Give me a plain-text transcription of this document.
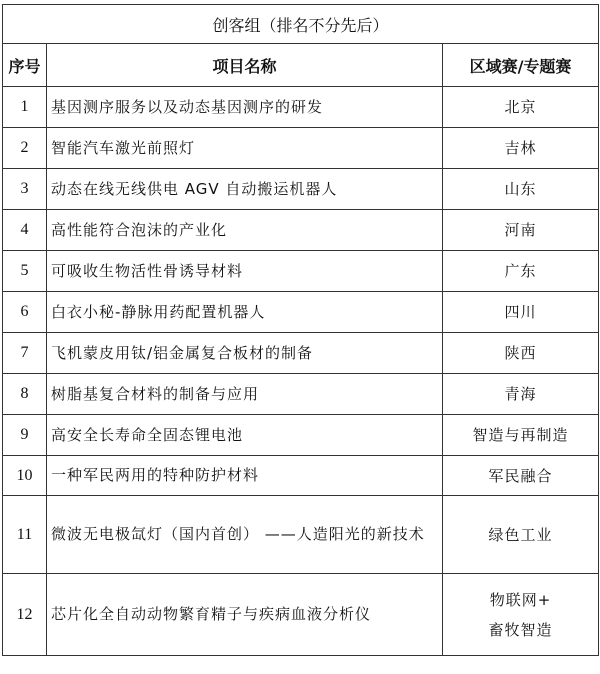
创客组（排名不分先后）		
序号	项目名称	区域赛/专题赛
1	基因测序服务以及动态基因测序的研发	北京
2	智能汽车激光前照灯	吉林
3	动态在线无线供电 AGV 自动搬运机器人	山东
4	高性能符合泡沫的产业化	河南
5	可吸收生物活性骨诱导材料	广东
6	白衣小秘-静脉用药配置机器人	四川
7	飞机蒙皮用钛/铝金属复合板材的制备	陕西
8	树脂基复合材料的制备与应用	青海
9	高安全长寿命全固态锂电池	智造与再制造
10	一种军民两用的特种防护材料	军民融合
11	微波无电极氙灯（国内首创） ——人造阳光的新技术	绿色工业
12	芯片化全自动动物繁育精子与疾病血液分析仪	物联网+
畜牧智造
